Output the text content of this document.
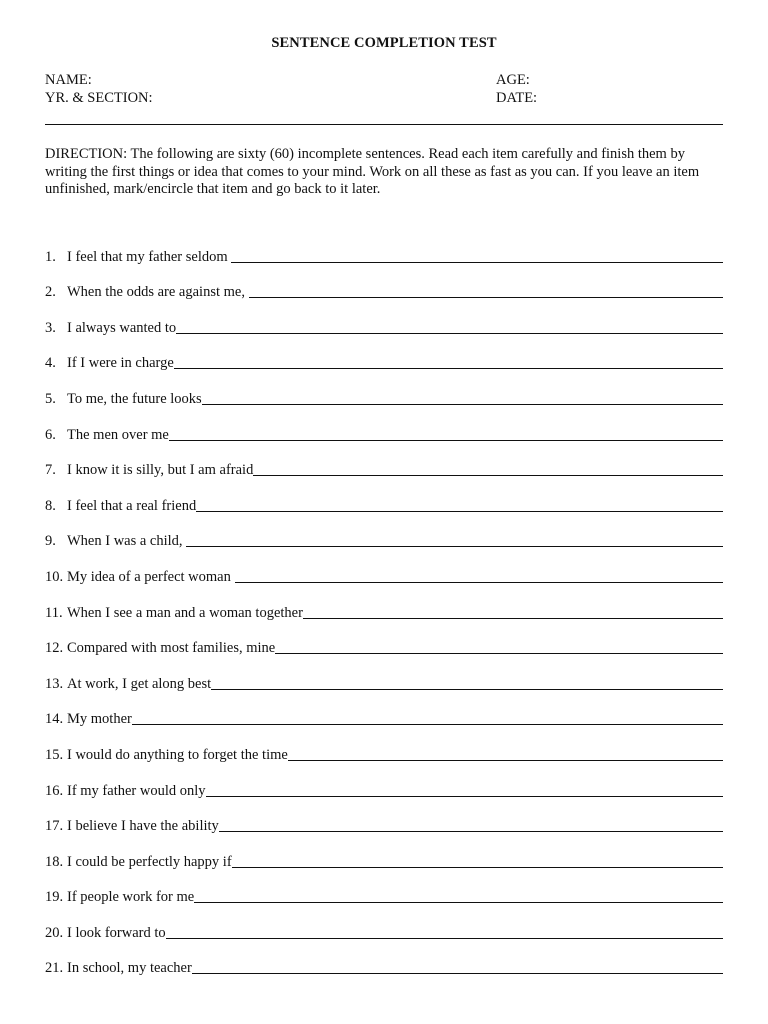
SENTENCE COMPLETION TEST
NAME:
YR. & SECTION:
AGE:
DATE:
DIRECTION: The following are sixty (60) incomplete sentences. Read each item carefully and finish them by writing the first things or idea that comes to your mind. Work on all these as fast as you can. If you leave an item unfinished, mark/encircle that item and go back to it later.
1. I feel that my father seldom
2. When the odds are against me,
3. I always wanted to
4. If I were in charge
5. To me, the future looks
6. The men over me
7. I know it is silly, but I am afraid
8. I feel that a real friend
9. When I was a child,
10. My idea of a perfect woman
11. When I see a man and a woman together
12. Compared with most families, mine
13. At work, I get along best
14. My mother
15. I would do anything to forget the time
16. If my father would only
17. I believe I have the ability
18. I could be perfectly happy if
19. If people work for me
20. I look forward to
21. In school, my teacher
